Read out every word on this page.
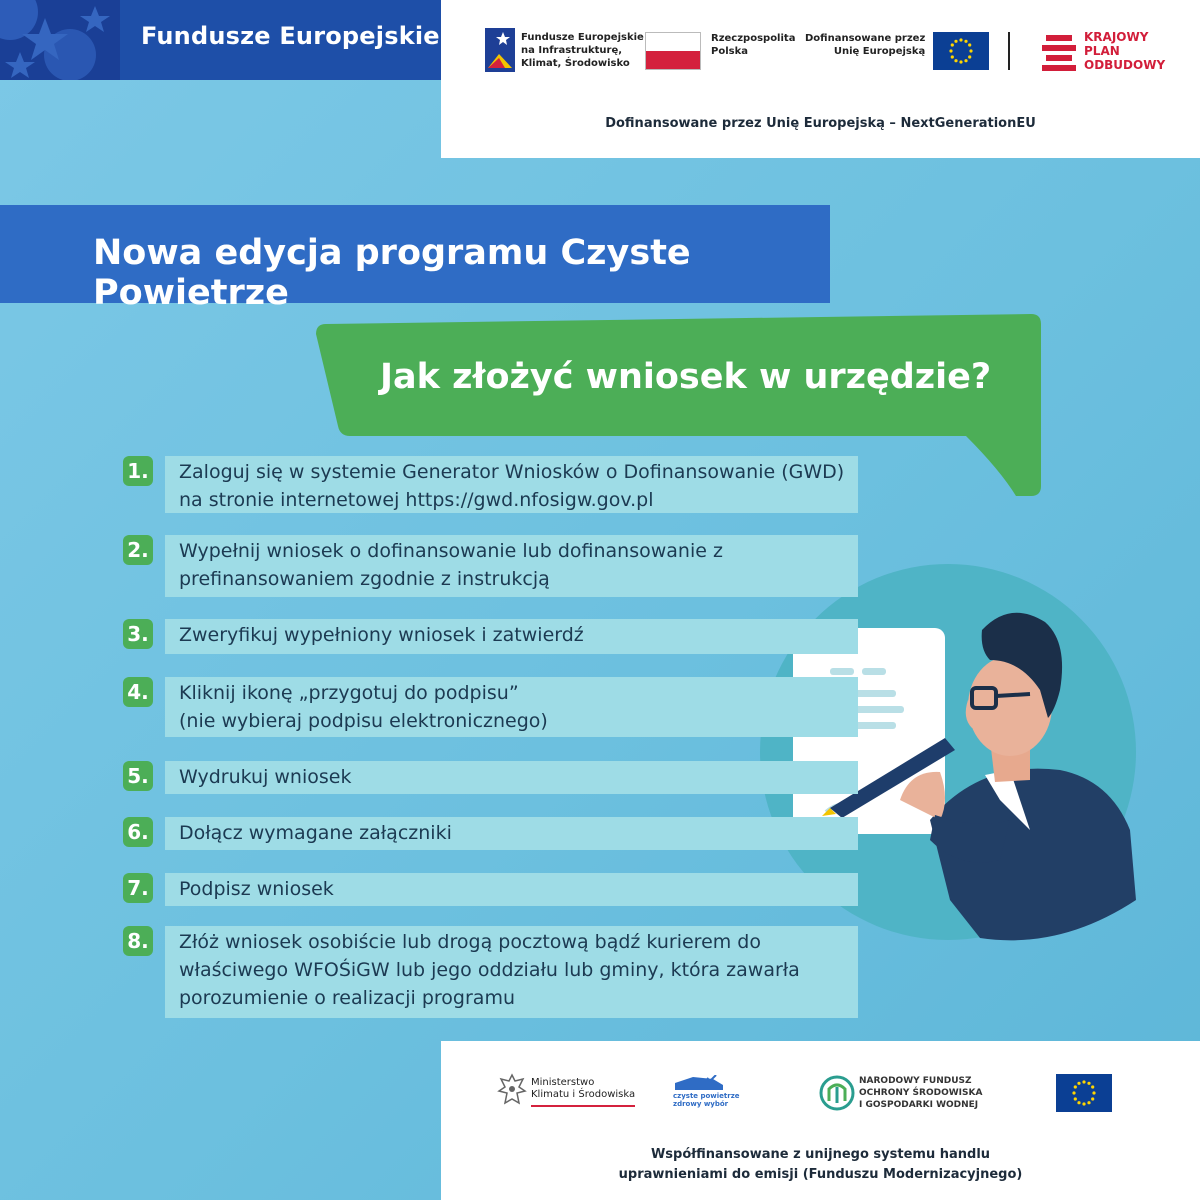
Fundusze Europejskie	Fundusze Europejskie
na Infrastrukturę,
Klimat, Środowisko
Rzeczpospolita
Polska
Dofinansowane przez
Unię Europejską
KRAJOWY
PLAN
ODBUDOWY
Dofinansowane przez Unię Europejską – NextGenerationEU
Nowa edycja programu Czyste Powietrze
Jak złożyć wniosek w urzędzie?
1. Zaloguj się w systemie Generator Wniosków o Dofinansowanie (GWD)
na stronie internetowej https://gwd.nfosigw.gov.pl
2. Wypełnij wniosek o dofinansowanie lub dofinansowanie z
prefinansowaniem zgodnie z instrukcją
3. Zweryfikuj wypełniony wniosek i zatwierdź
4. Kliknij ikonę „przygotuj do podpisu”
(nie wybieraj podpisu elektronicznego)
5. Wydrukuj wniosek
6. Dołącz wymagane załączniki
7. Podpisz wniosek
8. Złóż wniosek osobiście lub drogą pocztową bądź kurierem do
właściwego WFOŚiGW lub jego oddziału lub gminy, która zawarła
porozumienie o realizacji programu
Ministerstwo
Klimatu i Środowiska	czyste powietrze
zdrowy wybór
NARODOWY FUNDUSZ
OCHRONY ŚRODOWISKA
I GOSPODARKI WODNEJ
Współfinansowane z unijnego systemu handlu
uprawnieniami do emisji (Funduszu Modernizacyjnego)
